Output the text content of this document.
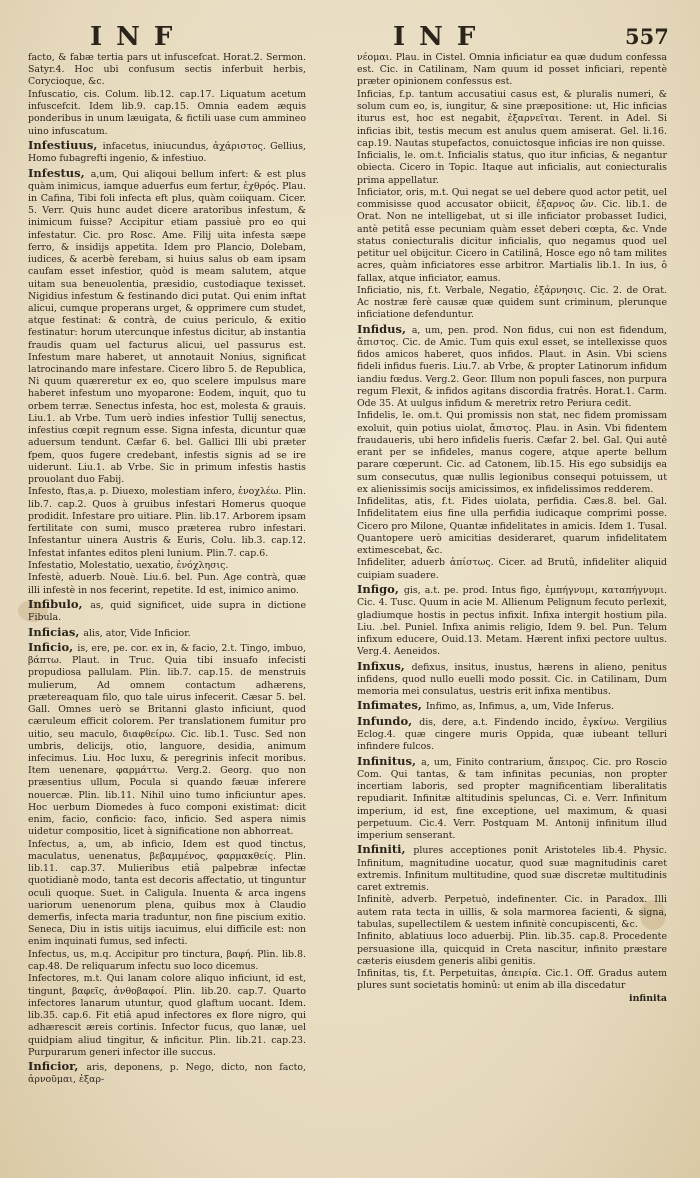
INF	INF	557

facto, & fabæ tertia pars ut infuscefcat. Horat.2. Sermon. Satyr.4. Hoc ubi confusum sectis inferbuit herbis, Corycioque, &c.

Infuscatio, cis. Colum. lib.12. cap.17. Liquatum acetum infuscefcit. Idem lib.9. cap.15. Omnia eadem æquis ponderibus in unum læuigata, & fictili uase cum ammineo uino infuscatum.

Infestiuus, infacetus, iniucundus, ἀχάριστος. Gellius, Homo fubagrefti ingenio, & infestiuo.

Infestus, a,um, Qui aliqoui bellum infert: & est plus quàm inimicus, iamque aduerfus eum fertur, ἐχθρός. Plau. in Cafina, Tibi foli infecta eft plus, quàm coiiquam. Cicer. 5. Verr. Quis hunc audet dicere aratoribus infestum, & inimicum fuisse? Accipitur etiam passiuè pro eo qui infestatur. Cic. pro Rosc. Ame. Filij uita infesta sæpe ferro, & insidijs appetita. Idem pro Plancio, Dolebam, iudices, & acerbè ferebam, si huius salus ob eam ipsam caufam esset infestior, quòd is meam salutem, atque uitam sua beneuolentia, præsidio, custodiaque texisset. Nigidius infestum & festinando dici putat. Qui enim inftat alicui, cumque properans urget, & opprimere cum studet, atque festinat: & contrà, de cuius periculo, & exitio festinatur: horum utercunque infestus dicitur, ab instantia fraudis quam uel facturus alicui, uel passurus est. Infestum mare haberet, ut annotauit Nonius, significat latrocinando mare infestare. Cicero libro 5. de Republica, Ni quum quæreretur ex eo, quo scelere impulsus mare haberet infestum uno myoparone: Eodem, inquit, quo tu orbem terræ. Senectus infesta, hoc est, molesta & grauis. Liu.1. ab Vrbe. Tum uerò indies infestior Tullij senectus, infestius cœpit regnum esse. Signa infesta, dicuntur quæ aduersum tendunt. Cæfar 6. bel. Gallici Illi ubi præter fpem, quos fugere credebant, infestis signis ad se ire uiderunt. Liu.1. ab Vrbe. Sic in primum infestis hastis prouolant duo Fabij.

Infesto, ftas,a. p. Diuexo, molestiam infero, ἐνοχλέω. Plin. lib.7. cap.2. Quos à gruibus infestari Homerus quoque prodidit. Infestare pro uitiare. Plin. lib.17. Arborem ipsam fertilitate con sumi, musco præterea rubro infestari. Infestantur uinera Austris & Euris, Colu. lib.3. cap.12. Infestat infantes editos pleni lunium. Plin.7. cap.6.

Infestatio, Molestatio, uexatio, ἐνόχλησις.

Infestè, aduerb. Nouè. Liu.6. bel. Pun. Age contrà, quæ illi infestè in nos fecerint, repetite. Id est, inimico animo.

Infibulo, as, quid significet, uide supra in dictione Fibula.

Inficias, alis, ator, Vide Inficior.

Inficio, is, ere, pe. cor. ex in, & facio, 2.t. Tingo, imbuo, βάπτω. Plaut. in Truc. Quia tibi insuafo infecisti propudiosa pallulam. Plin. lib.7. cap.15. de menstruis mulierum, Ad omnem contactum adhærens, prætereaquam filo, quo tale uirus infecerit. Cæsar 5. bel. Gall. Omnes uerò se Britanni glasto inficiunt, quod cæruleum efficit colorem. Per translationem fumitur pro uitio, seu maculo, διαφθείρω. Cic. lib.1. Tusc. Sed non umbris, delicijs, otio, languore, desidia, animum infecimus. Liu. Hoc luxu, & peregrinis infecit moribus. Item uenenare, φαρμάττω. Verg.2. Georg. quo non præsentius ullum, Pocula si quando fæuæ inferere nouercæ. Plin. lib.11. Nihil uino tumo inficiuntur apes. Hoc uerbum Diomedes à fuco componi existimat: dicit enim, facio, conficio: faco, inficio. Sed asperа nimis uidetur compositio, licet à significatione non abhorreat.

Infectus, a, um, ab inficio, Idem est quod tinctus, maculatus, uenenatus, βεβαμμένος, φαρμακθείς. Plin. lib.11. cap.37. Mulieribus etiâ palpebræ infectæ quotidianè modo, tanta est decoris affectatio, ut tinguntur oculi quoque. Suet. in Caligula. Inuenta & arca ingens uariorum uenenorum plena, quibus mox à Claudio demerfis, infecta maria traduntur, non fine piscium exitio. Seneca, Diu in istis uitijs iacuimus, eluі difficile est: non enim inquinati fumus, sed infecti.

Infectus, us, m.q. Accipitur pro tinctura, βαφή. Plin. lib.8. cap.48. De reliquarum infectu suo loco dicemus.

Infectores, m.t. Qui lanam colore aliquo inficiunt, id est, tingunt, βαφεῖς, ἀνθοβαφοί. Plin. lib.20. cap.7. Quarto infectores lanarum utuntur, quod glaftum uocant. Idem. lib.35. cap.6. Fit etiâ apud infectores ex flore nigro, qui adhærescit æreis cortinis. Infector fucus, quo lanæ, uel quidpiam aliud tingitur, & inficitur. Plin. lib.21. cap.23. Purpurarum generi infector ille succus.

Inficior, aris, deponens, p. Nego, dicto, non facto, ἀρνοῦμαι, ἐξαρ-

νέομαι. Plau. in Cistel. Omnia inficiatur ea quæ dudum confessa est. Cic. in Catilinam, Nam quum id posset inficiari, repentè præter opinionem confessus est.

Inficias, f.p. tantum accusatiui casus est, & pluralis numeri, & solum cum eo, is, iungitur, & sine præpositione: ut, Hic inficias iturus est, hoc est negabit, ἐξαρνεῖται. Terent. in Adel. Si inficias ibit, testis mecum est anulus quem amiserat. Gel. li.16. cap.19. Nautas stupefactos, conuictosque inficias ire non quisse.

Inficialis, le. om.t. Inficialis status, quo itur inficias, & negantur obiecta. Cicero in Topic. Itaque aut inficialis, aut coniecturalis prima appellatur.

Inficiator, oris, m.t. Qui negat se uel debere quod actor petit, uel commisisse quod accusator obiicit, ἐξαρνος ὤν. Cic. lib.1. de Orat. Non ne intelligebat, ut si ille inficiator probasset Iudici, antè petitâ esse pecuniam quàm esset deberi cœpta, &c. Vnde status coniecturalis dicitur inficialis, quo negamus quod uel petitur uel obijcitur. Cicero in Catilinâ, Hosce ego nô tam milites acres, quàm inficiatores esse arbitror. Martialis lib.1. In ius, ô fallax, atque inficiator, eamus.

Inficiatio, nis, f.t. Verbale, Negatio, ἐξάρνησις. Cic. 2. de Orat. Ac nostræ ferè causæ quæ quidem sunt criminum, plerunque inficiatione defenduntur.

Infidus, a, um, pen. prod. Non fidus, cui non est fidendum, ἄπιστος. Cic. de Amic. Tum quis exul esset, se intellexisse quos fidos amicos haberet, quos infidos. Plaut. in Asin. Vbi sciens fideli infidus fueris. Liu.7. ab Vrbe, & propter Latinorum infidum iandiu fœdus. Verg.2. Geor. Illum non populi fasces, non purpura regum Flexit, & infidos agitans discordia fratrês. Horat.1. Carm. Ode 35. At uulgus infidum & meretrix retro Periura cedit.

Infidelis, le. om.t. Qui promissis non stat, nec fidem promissam exoluit, quin potius uiolat, ἄπιστος. Plau. in Asin. Vbi fidentem fraudaueris, ubi hero infidelis fueris. Cæfar 2. bel. Gal. Qui autê erant per se infideles, manus cogere, atque aperte bellum parare cœperunt. Cic. ad Catonem, lib.15. His ego subsidijs ea sum consecutus, quæ nullis legionibus consequi potuissem, ut ex alienissimis socijs amicissimos, ex infidelissimos redderem.

Infidelitas, atis, f.t. Fides uiolata, perfidia. Cæs.8. bel. Gal. Infidelitatem eius fine ulla perfidia iudicaque comprimi posse. Cicero pro Milone, Quantæ infidelitates in amicis. Idem 1. Tusal. Quantopere uerò amicitias desideraret, quarum infidelitatem extimescebat, &c.

Infideliter, aduerb ἀπίστως. Cicer. ad Brutû, infideliter aliquid cuipiam suadere.

Infigo, gis, a.t. pe. prod. Intus figo, ἐμπήγνυμι, καταπήγνυμι. Cic. 4. Tusc. Quum in acie M. Allienum Pelignum fecuto perlexit, gladiumque hostis in pectus infixit. Infixa intergit hostium pila. Liu. .bel. Puniel. Infixa animis religio, Idem 9. bel. Pun. Telum infixum educere, Ouid.13. Metam. Hærent infixi pectore uultus. Verg.4. Aeneidos.

Infixus, defixus, insitus, inustus, hærens in alieno, penitus infidens, quod nullo euelli modo possit. Cic. in Catilinam, Dum memoria mei consulatus, uestris erit infixa mentibus.

Infimates, Infimo, as, Infimus, a, um, Vide Inferus.

Infundo, dis, dere, a.t. Findendo incido, ἐγκίνω. Vergilius Eclog.4. quæ cingere muris Oppida, quæ iubeant telluri infindere fulcos.

Infinitus, a, um, Finito contrarium, ἄπειρος. Cic. pro Roscio Com. Qui tantas, & tam infinitas pecunias, non propter incertiam laboris, sed propter magnificentiam liberalitatis repudiarit. Infinitæ altitudinis speluncas, Ci. e. Verr. Infinitum imperium, id est, fine exceptione, uel maximum, & quasi perpetuum. Cic.4. Verr. Postquam M. Antonij infinitum illud imperium senserant.

Infiniti, plures acceptiones ponit Aristoteles lib.4. Physic. Infinitum, magnitudine uocatur, quod suæ magnitudinis caret extremis. Infinitum multitudine, quod suæ discretæ multitudinis caret extremis.

Infinitè, adverb. Perpetuò, indefinenter. Cic. in Paradox. Illi autem rata tecta in uillis, & sola marmorea facienti, & signa, tabulas, supellectilem & uestem infinitè concupiscenti, &c.

Infinito, ablatiuus loco aduerbij. Plin. lib.35. cap.8. Procedente persuasione illa, quicquid in Creta nascitur, infinito præstare cæteris eiusdem generis alibi genitis.

Infinitas, tis, f.t. Perpetuitas, ἀπειρία. Cic.1. Off. Gradus autem plures sunt societatis hominû: ut enim ab illa discedatur

infinita
